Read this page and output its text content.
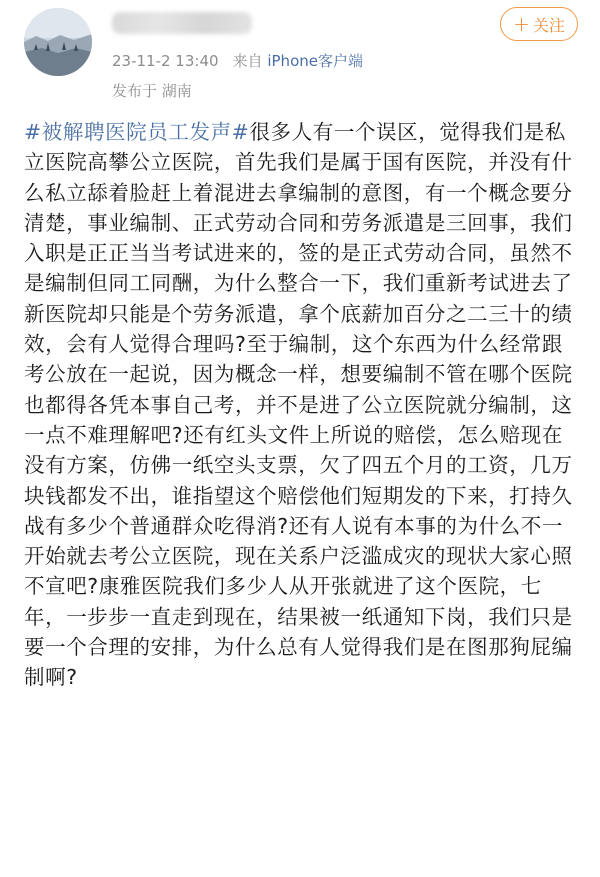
23-11-2 13:40 来自 iPhone客户端
发布于 湖南
+ 关注

#被解聘医院员工发声#很多人有一个误区，觉得我们是私立医院高攀公立医院，首先我们是属于国有医院，并没有什么私立舔着脸赶上着混进去拿编制的意图，有一个概念要分清楚，事业编制、正式劳动合同和劳务派遣是三回事，我们入职是正正当当考试进来的，签的是正式劳动合同，虽然不是编制但同工同酬，为什么整合一下，我们重新考试进去了新医院却只能是个劳务派遣，拿个底薪加百分之二三十的绩效，会有人觉得合理吗?至于编制，这个东西为什么经常跟考公放在一起说，因为概念一样，想要编制不管在哪个医院也都得各凭本事自己考，并不是进了公立医院就分编制，这一点不难理解吧?还有红头文件上所说的赔偿，怎么赔现在没有方案，仿佛一纸空头支票，欠了四五个月的工资，几万块钱都发不出，谁指望这个赔偿他们短期发的下来，打持久战有多少个普通群众吃得消?还有人说有本事的为什么不一开始就去考公立医院，现在关系户泛滥成灾的现状大家心照不宣吧?康雅医院我们多少人从开张就进了这个医院，七年，一步步一直走到现在，结果被一纸通知下岗，我们只是要一个合理的安排，为什么总有人觉得我们是在图那狗屁编制啊?
